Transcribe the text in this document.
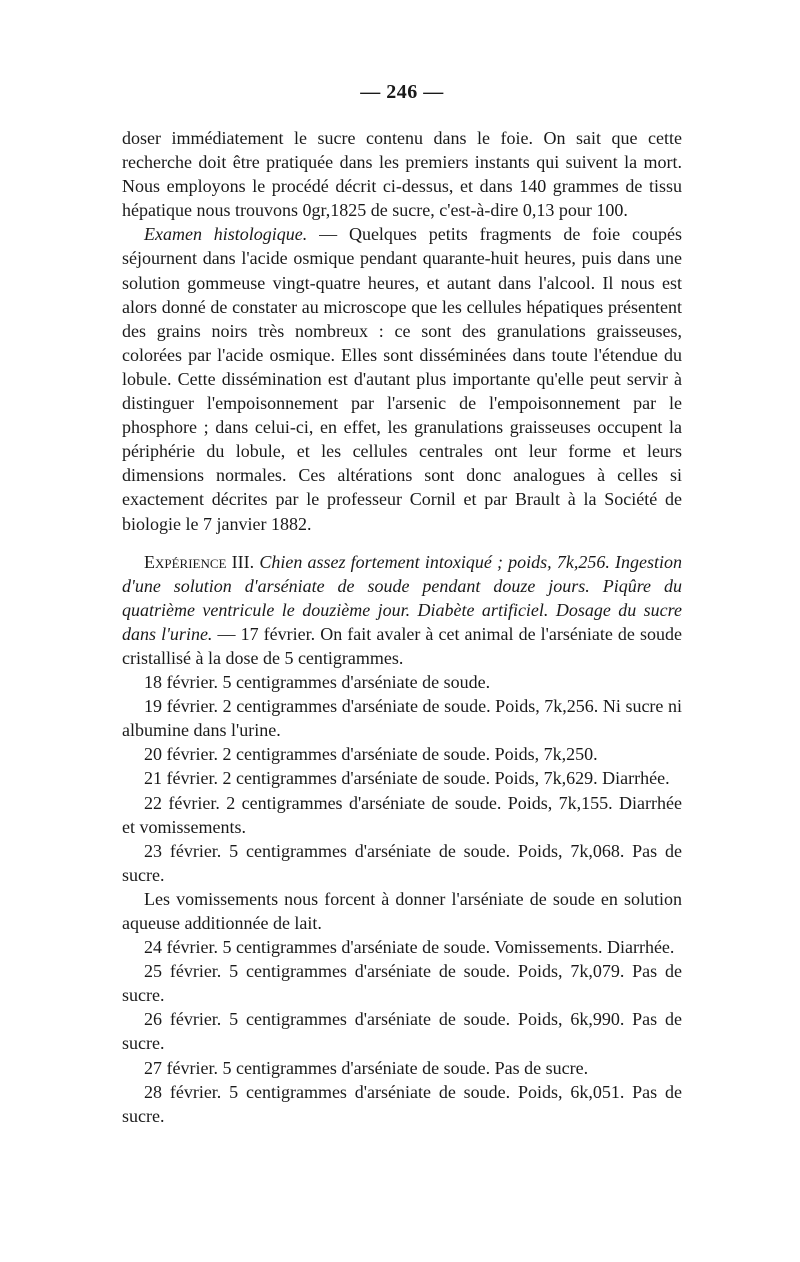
— 246 —

doser immédiatement le sucre contenu dans le foie. On sait que cette recherche doit être pratiquée dans les premiers instants qui suivent la mort. Nous employons le procédé décrit ci-dessus, et dans 140 grammes de tissu hépatique nous trouvons 0gr,1825 de sucre, c'est-à-dire 0,13 pour 100.

Examen histologique. — Quelques petits fragments de foie coupés séjournent dans l'acide osmique pendant quarante-huit heures, puis dans une solution gommeuse vingt-quatre heures, et autant dans l'alcool. Il nous est alors donné de constater au microscope que les cellules hépatiques présentent des grains noirs très nombreux : ce sont des granulations graisseuses, colorées par l'acide osmique. Elles sont disséminées dans toute l'étendue du lobule. Cette dissémination est d'autant plus importante qu'elle peut servir à distinguer l'empoisonnement par l'arsenic de l'empoisonnement par le phosphore ; dans celui-ci, en effet, les granulations graisseuses occupent la périphérie du lobule, et les cellules centrales ont leur forme et leurs dimensions normales. Ces altérations sont donc analogues à celles si exactement décrites par le professeur Cornil et par Brault à la Société de biologie le 7 janvier 1882.

Expérience III. Chien assez fortement intoxiqué ; poids, 7k,256. Ingestion d'une solution d'arséniate de soude pendant douze jours. Piqûre du quatrième ventricule le douzième jour. Diabète artificiel. Dosage du sucre dans l'urine. — 17 février. On fait avaler à cet animal de l'arséniate de soude cristallisé à la dose de 5 centigrammes.

18 février. 5 centigrammes d'arséniate de soude.

19 février. 2 centigrammes d'arséniate de soude. Poids, 7k,256. Ni sucre ni albumine dans l'urine.

20 février. 2 centigrammes d'arséniate de soude. Poids, 7k,250.

21 février. 2 centigrammes d'arséniate de soude. Poids, 7k,629. Diarrhée.

22 février. 2 centigrammes d'arséniate de soude. Poids, 7k,155. Diarrhée et vomissements.

23 février. 5 centigrammes d'arséniate de soude. Poids, 7k,068. Pas de sucre.

Les vomissements nous forcent à donner l'arséniate de soude en solution aqueuse additionnée de lait.

24 février. 5 centigrammes d'arséniate de soude. Vomissements. Diarrhée.

25 février. 5 centigrammes d'arséniate de soude. Poids, 7k,079. Pas de sucre.

26 février. 5 centigrammes d'arséniate de soude. Poids, 6k,990. Pas de sucre.

27 février. 5 centigrammes d'arséniate de soude. Pas de sucre.

28 février. 5 centigrammes d'arséniate de soude. Poids, 6k,051. Pas de sucre.
